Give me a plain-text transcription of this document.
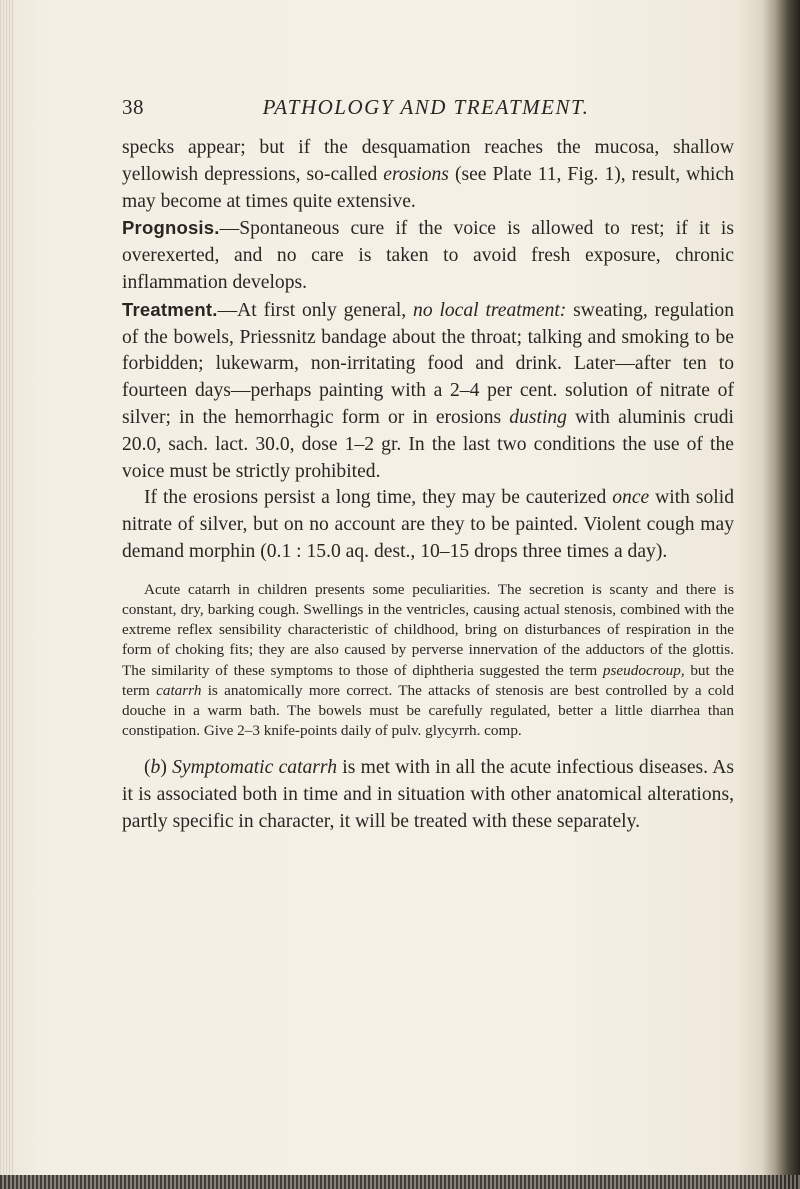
38	PATHOLOGY AND TREATMENT.

specks appear; but if the desquamation reaches the mucosa, shallow yellowish depressions, so-called erosions (see Plate 11, Fig. 1), result, which may become at times quite extensive.

Prognosis.—Spontaneous cure if the voice is allowed to rest; if it is overexerted, and no care is taken to avoid fresh exposure, chronic inflammation develops.

Treatment.—At first only general, no local treatment: sweating, regulation of the bowels, Priessnitz bandage about the throat; talking and smoking to be forbidden; lukewarm, non-irritating food and drink. Later—after ten to fourteen days—perhaps painting with a 2–4 per cent. solution of nitrate of silver; in the hemorrhagic form or in erosions dusting with aluminis crudi 20.0, sach. lact. 30.0, dose 1–2 gr. In the last two conditions the use of the voice must be strictly prohibited.

If the erosions persist a long time, they may be cauterized once with solid nitrate of silver, but on no account are they to be painted. Violent cough may demand morphin (0.1 : 15.0 aq. dest., 10–15 drops three times a day).

Acute catarrh in children presents some peculiarities. The secretion is scanty and there is constant, dry, barking cough. Swellings in the ventricles, causing actual stenosis, combined with the extreme reflex sensibility characteristic of childhood, bring on disturbances of respiration in the form of choking fits; they are also caused by perverse innervation of the adductors of the glottis. The similarity of these symptoms to those of diphtheria suggested the term pseudocroup, but the term catarrh is anatomically more correct. The attacks of stenosis are best controlled by a cold douche in a warm bath. The bowels must be carefully regulated, better a little diarrhea than constipation. Give 2–3 knife-points daily of pulv. glycyrrh. comp.

(b) Symptomatic catarrh is met with in all the acute infectious diseases. As it is associated both in time and in situation with other anatomical alterations, partly specific in character, it will be treated with these separately.
